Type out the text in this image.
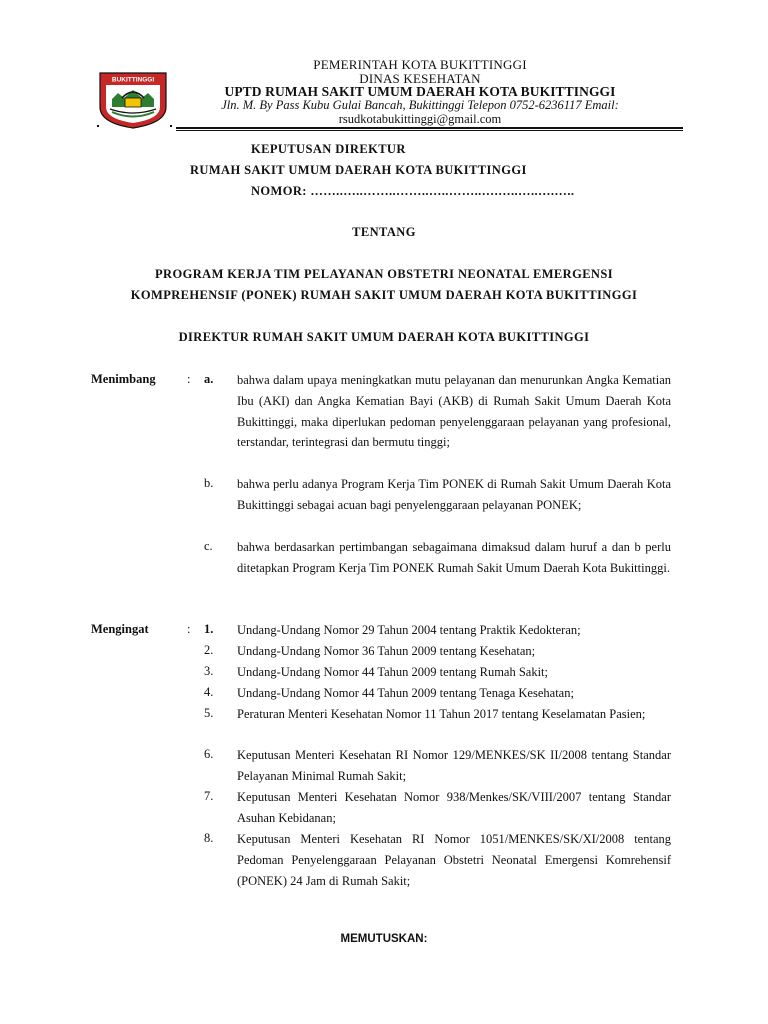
BUKITTINGGI
PEMERINTAH KOTA BUKITTINGGI
DINAS KESEHATAN
UPTD RUMAH SAKIT UMUM DAERAH KOTA BUKITTINGGI
Jln. M. By Pass Kubu Gulai Bancah, Bukittinggi Telepon 0752-6236117 Email:
rsudkotabukittinggi@gmail.com
KEPUTUSAN DIREKTUR
RUMAH SAKIT UMUM DAERAH KOTA BUKITTINGGI
NOMOR: ……..…..……..……..…..……..….…..…..….…..
TENTANG
PROGRAM KERJA TIM PELAYANAN OBSTETRI NEONATAL EMERGENSI
KOMPREHENSIF (PONEK) RUMAH SAKIT UMUM DAERAH KOTA BUKITTINGGI
DIREKTUR RUMAH SAKIT UMUM DAERAH KOTA BUKITTINGGI
Menimbang	: a. bahwa dalam upaya meningkatkan mutu pelayanan dan menurunkan Angka Kematian Ibu (AKI) dan Angka Kematian Bayi (AKB) di Rumah Sakit Umum Daerah Kota Bukittinggi, maka diperlukan pedoman penyelenggaraan pelayanan yang profesional, terstandar, terintegrasi dan bermutu tinggi;
b. bahwa perlu adanya Program Kerja Tim PONEK di Rumah Sakit Umum Daerah Kota Bukittinggi sebagai acuan bagi penyelenggaraan pelayanan PONEK;
c. bahwa berdasarkan pertimbangan sebagaimana dimaksud dalam huruf a dan b perlu ditetapkan Program Kerja Tim PONEK Rumah Sakit Umum Daerah Kota Bukittinggi.
Mengingat	: 1. Undang-Undang Nomor 29 Tahun 2004 tentang Praktik Kedokteran;
2. Undang-Undang Nomor 36 Tahun 2009 tentang Kesehatan;
3. Undang-Undang Nomor 44 Tahun 2009 tentang Rumah Sakit;
4. Undang-Undang Nomor 44 Tahun 2009 tentang Tenaga Kesehatan;
5. Peraturan Menteri Kesehatan Nomor 11 Tahun 2017 tentang Keselamatan Pasien;
6. Keputusan Menteri Kesehatan RI Nomor 129/MENKES/SK II/2008 tentang Standar Pelayanan Minimal Rumah Sakit;
7. Keputusan Menteri Kesehatan Nomor 938/Menkes/SK/VIII/2007 tentang Standar Asuhan Kebidanan;
8. Keputusan Menteri Kesehatan RI Nomor 1051/MENKES/SK/XI/2008 tentang Pedoman Penyelenggaraan Pelayanan Obstetri Neonatal Emergensi Komrehensif (PONEK) 24 Jam di Rumah Sakit;
MEMUTUSKAN:
